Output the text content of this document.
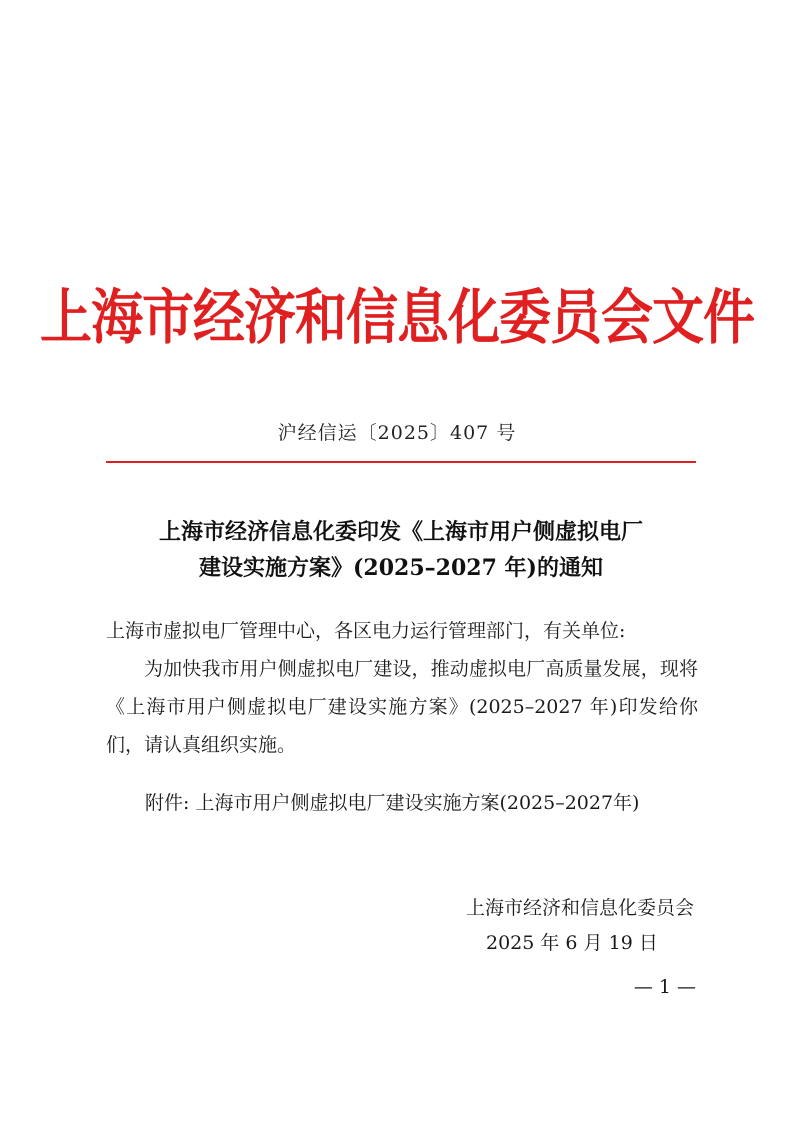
上海市经济和信息化委员会文件
沪经信运〔2025〕407 号
上海市经济信息化委印发《上海市用户侧虚拟电厂
建设实施方案》(2025–2027 年)的通知
上海市虚拟电厂管理中心，各区电力运行管理部门，有关单位:
为加快我市用户侧虚拟电厂建设，推动虚拟电厂高质量发展，现将《上海市用户侧虚拟电厂建设实施方案》(2025–2027 年)印发给你们，请认真组织实施。
附件: 上海市用户侧虚拟电厂建设实施方案(2025–2027年)
上海市经济和信息化委员会
2025 年 6 月 19 日
— 1 —
